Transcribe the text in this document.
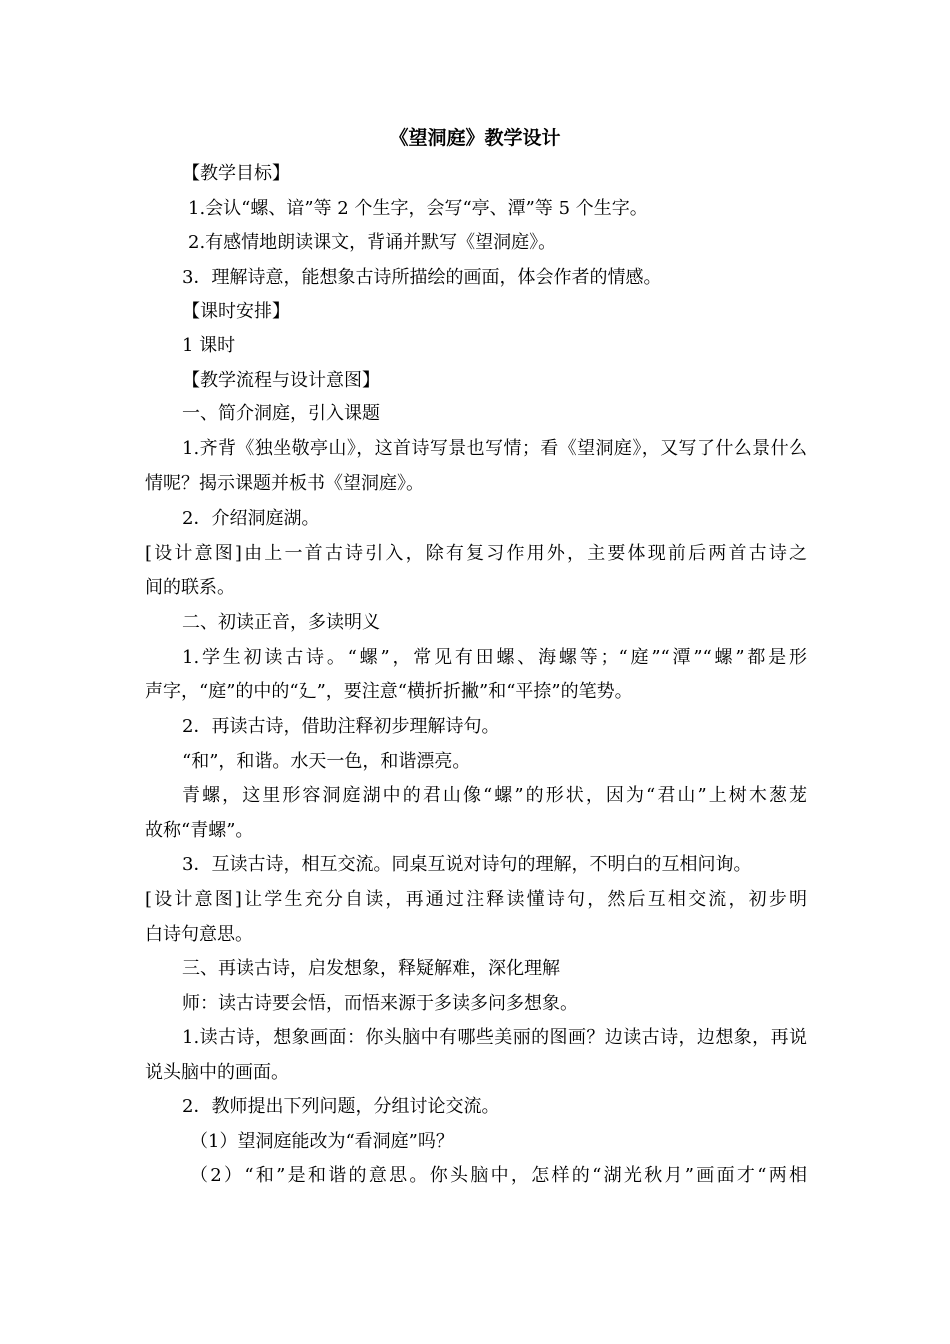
《望洞庭》教学设计
【教学目标】
1.会认“螺、谙”等 2 个生字，会写“亭、潭”等 5 个生字。
2.有感情地朗读课文，背诵并默写《望洞庭》。
3．理解诗意，能想象古诗所描绘的画面，体会作者的情感。
【课时安排】
1 课时
【教学流程与设计意图】
一、简介洞庭，引入课题
1.齐背《独坐敬亭山》，这首诗写景也写情；看《望洞庭》，又写了什么景什么
情呢？揭示课题并板书《望洞庭》。
2．介绍洞庭湖。
[设计意图]由上一首古诗引入，除有复习作用外，主要体现前后两首古诗之
间的联系。
二、初读正音，多读明义
1.学生初读古诗。“螺”，常见有田螺、海螺等；“庭”“潭”“螺”都是形
声字，“庭”的中的“廴”，要注意“横折折撇”和“平捺”的笔势。
2．再读古诗，借助注释初步理解诗句。
“和”，和谐。水天一色，和谐漂亮。
青螺，这里形容洞庭湖中的君山像“螺”的形状，因为“君山”上树木葱茏
故称“青螺”。
3．互读古诗，相互交流。同桌互说对诗句的理解，不明白的互相问询。
[设计意图]让学生充分自读，再通过注释读懂诗句，然后互相交流，初步明
白诗句意思。
三、再读古诗，启发想象，释疑解难，深化理解
师：读古诗要会悟，而悟来源于多读多问多想象。
1.读古诗，想象画面：你头脑中有哪些美丽的图画？边读古诗，边想象，再说
说头脑中的画面。
2．教师提出下列问题，分组讨论交流。
（1）望洞庭能改为“看洞庭”吗？
（2）“和”是和谐的意思。你头脑中，怎样的“湖光秋月”画面才“两相
